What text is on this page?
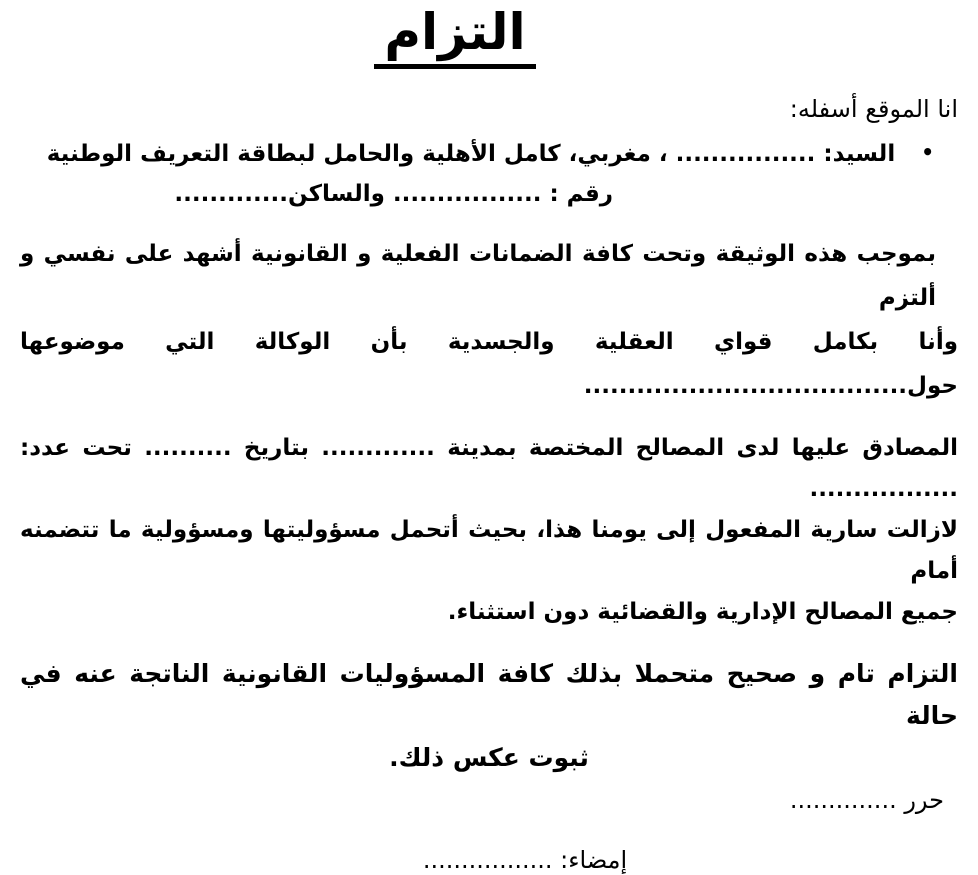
التزام
انا الموقع أسفله:
•السيد: ................ ، مغربي، كامل الأهلية والحامل لبطاقة التعريف الوطنية
رقم : ................. والساكن.............
بموجب هذه الوثيقة وتحت كافة الضمانات الفعلية و القانونية أشهد على نفسي و ألتزم
وأنا بكامل قواي العقلية والجسدية بأن الوكالة التي موضوعها حول.....................................
المصادق عليها لدى المصالح المختصة بمدينة ............. بتاريخ .......... تحت عدد: .................
لازالت سارية المفعول إلى يومنا هذا، بحيث أتحمل مسؤوليتها ومسؤولية ما تتضمنه أمام
جميع المصالح الإدارية والقضائية دون استثناء.
التزام تام و صحيح متحملا بذلك كافة المسؤوليات القانونية الناتجة عنه في حالة
ثبوت عكس ذلك.
حرر ..............
إمضاء: .................
